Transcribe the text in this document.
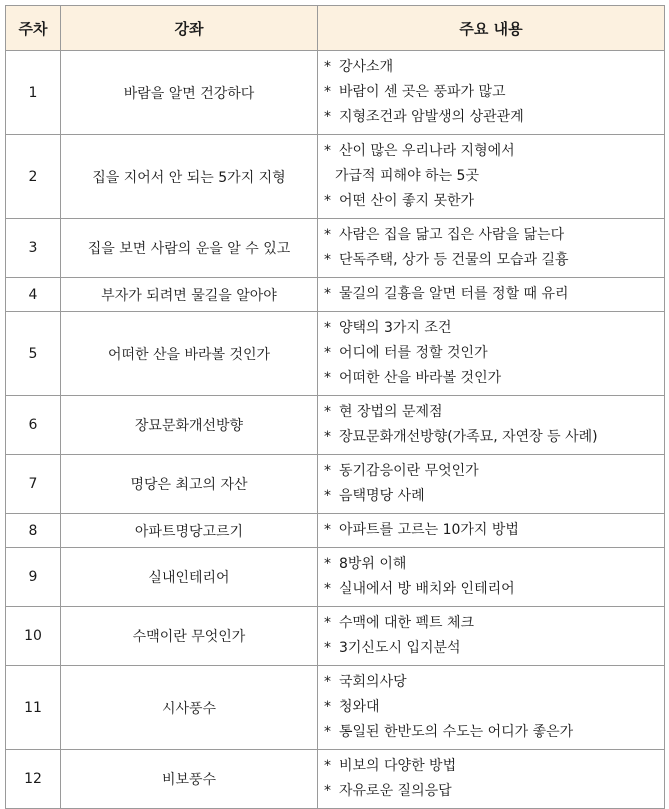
주차	강좌	주요 내용
1	바람을 알면 건강하다	* 강사소개
* 바람이 센 곳은 풍파가 많고
* 지형조건과 암발생의 상관관계

2	집을 지어서 안 되는 5가지 지형	* 산이 많은 우리나라 지형에서
가급적 피해야 하는 5곳
* 어떤 산이 좋지 못한가

3	집을 보면 사람의 운을 알 수 있고	* 사람은 집을 닮고 집은 사람을 닮는다
* 단독주택, 상가 등 건물의 모습과 길흉

4	부자가 되려면 물길을 알아야	* 물길의 길흉을 알면 터를 정할 때 유리

5	어떠한 산을 바라볼 것인가	* 양택의 3가지 조건
* 어디에 터를 정할 것인가
* 어떠한 산을 바라볼 것인가

6	장묘문화개선방향	* 현 장법의 문제점
* 장묘문화개선방향(가족묘, 자연장 등 사례)

7	명당은 최고의 자산	* 동기감응이란 무엇인가
* 음택명당 사례

8	아파트명당고르기	* 아파트를 고르는 10가지 방법

9	실내인테리어	* 8방위 이해
* 실내에서 방 배치와 인테리어

10	수맥이란 무엇인가	* 수맥에 대한 펙트 체크
* 3기신도시 입지분석

11	시사풍수	* 국회의사당
* 청와대
* 통일된 한반도의 수도는 어디가 좋은가

12	비보풍수	* 비보의 다양한 방법
* 자유로운 질의응답
